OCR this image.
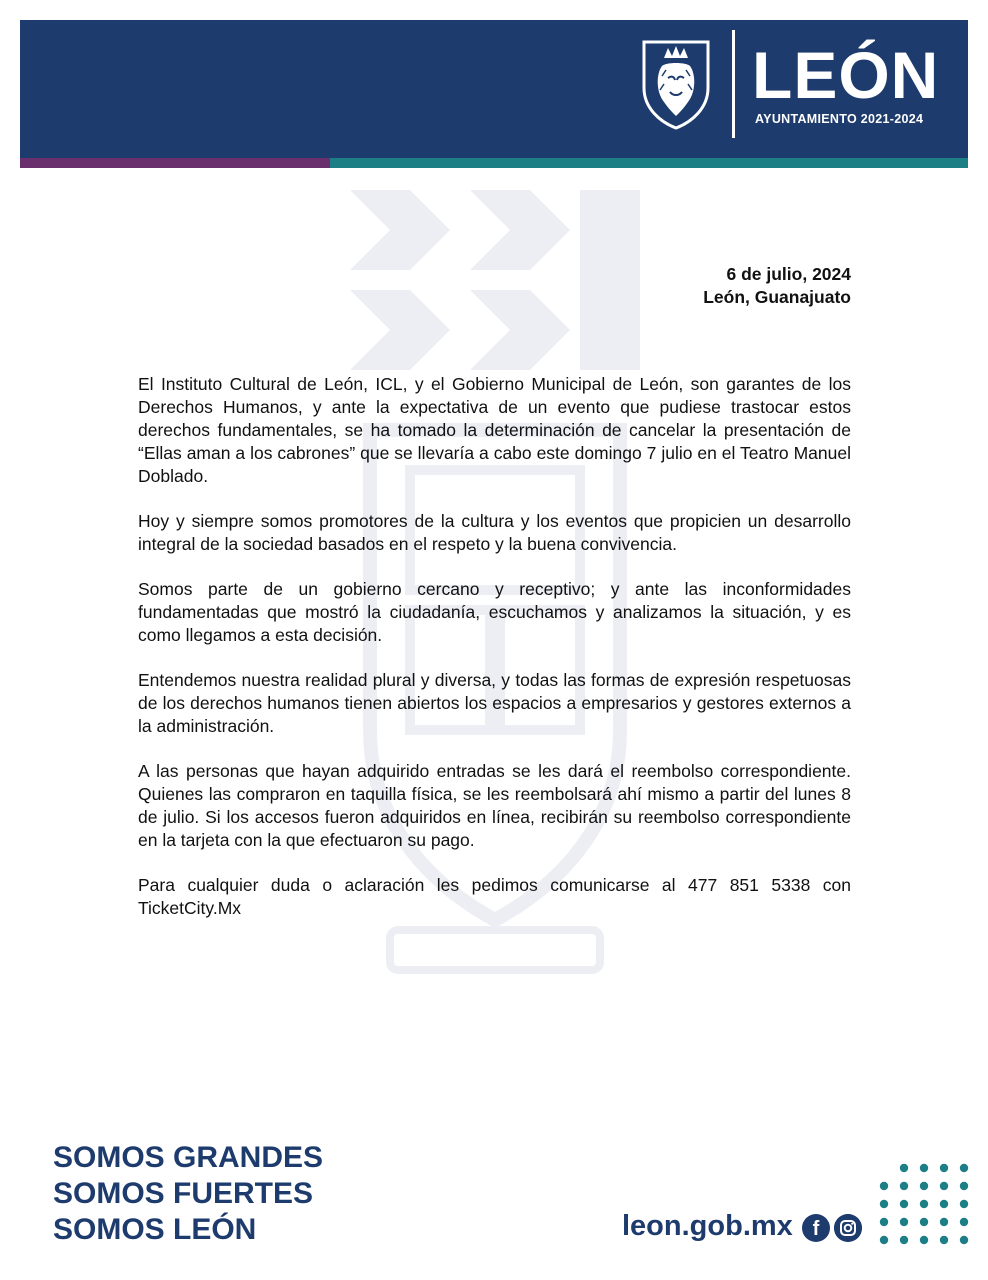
LEÓN
AYUNTAMIENTO 2021-2024
6 de julio, 2024
León, Guanajuato

El Instituto Cultural de León, ICL, y el Gobierno Municipal de León, son garantes de los Derechos Humanos, y ante la expectativa de un evento que pudiese trastocar estos derechos fundamentales, se ha tomado la determinación de cancelar la presentación de “Ellas aman a los cabrones” que se llevaría a cabo este domingo 7 julio en el Teatro Manuel Doblado.

Hoy y siempre somos promotores de la cultura y los eventos que propicien un desarrollo integral de la sociedad basados en el respeto y la buena convivencia.

Somos parte de un gobierno cercano y receptivo; y ante las inconformidades fundamentadas que mostró la ciudadanía, escuchamos y analizamos la situación, y es como llegamos a esta decisión.

Entendemos nuestra realidad plural y diversa, y todas las formas de expresión respetuosas de los derechos humanos tienen abiertos los espacios a empresarios y gestores externos a la administración.

A las personas que hayan adquirido entradas se les dará el reembolso correspondiente. Quienes las compraron en taquilla física, se les reembolsará ahí mismo a partir del lunes 8 de julio. Si los accesos fueron adquiridos en línea, recibirán su reembolso correspondiente en la tarjeta con la que efectuaron su pago.

Para cualquier duda o aclaración les pedimos comunicarse al 477 851 5338 con TicketCity.Mx

SOMOS GRANDES
SOMOS FUERTES
SOMOS LEÓN	leon.gob.mx f
